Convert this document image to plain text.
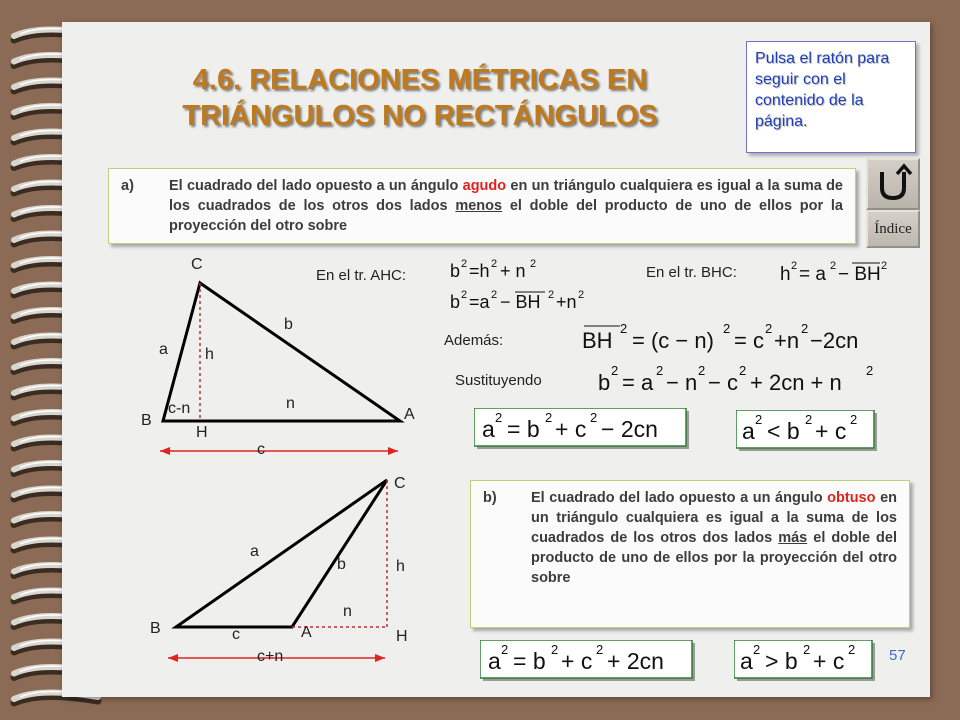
4.6. RELACIONES MÉTRICAS EN
TRIÁNGULOS NO RECTÁNGULOS
Pulsa el ratón para seguir con el contenido de la página.
Índice
a)	El cuadrado del lado opuesto a un ángulo agudo en un triángulo cualquiera es igual a la suma de los cuadrados de los otros dos lados menos el doble del producto de uno de ellos por la proyección del otro sobre
b)	El cuadrado del lado opuesto a un ángulo obtuso en un triángulo cualquiera es igual a la suma de los cuadrados de los otros dos lados más el doble del producto de uno de ellos por la proyección del otro sobre
C
b
a h
n
c-n
B	A
H
c
C
a
b	h
n
B	c	A	H
c+n
En el tr. AHC:	En el tr. BHC:
Además:
Sustituyendo
b 2 =h 2 + n 2
b 2 =a 2 − BH 2 +n 2
h 2 = a 2 − BH 2
BH 2 = (c − n) 2 = c 2 +n 2 −2cn
b 2 = a 2 − n 2 − c 2 + 2cn + n 2
a 2 = b 2 + c 2 − 2cn	a 2 < b 2 + c 2
a 2 = b 2 + c 2 + 2cn	a 2 > b 2 + c 2 57
